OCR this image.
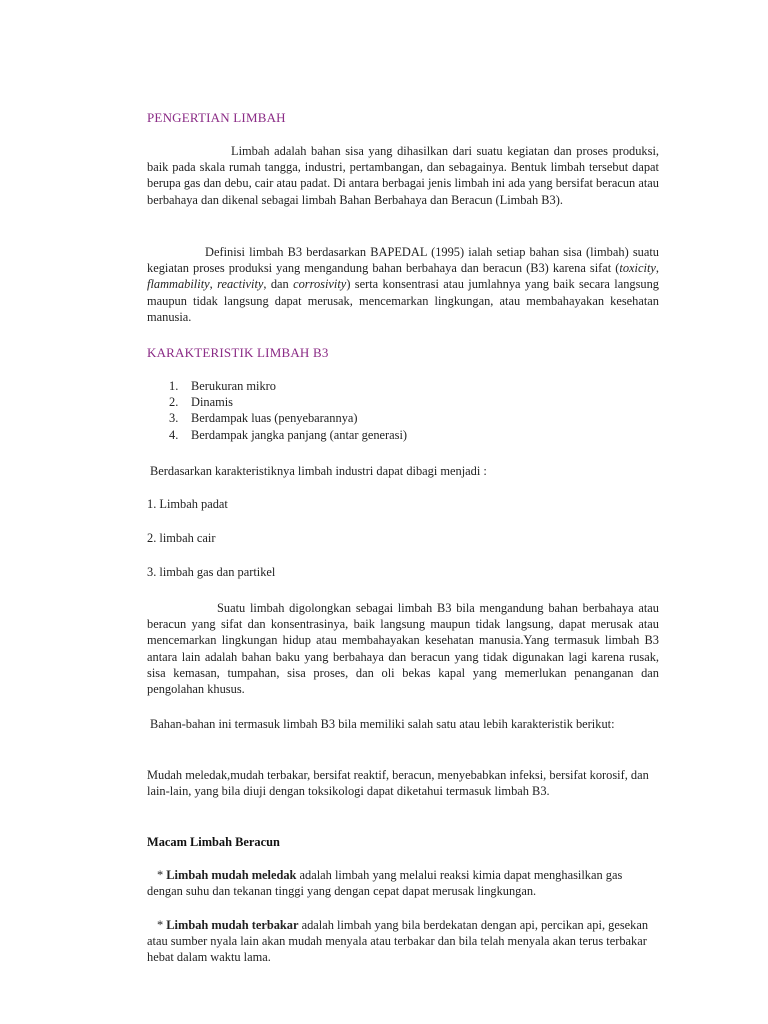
PENGERTIAN LIMBAH

Limbah adalah bahan sisa yang dihasilkan dari suatu kegiatan dan proses produksi, baik pada skala rumah tangga, industri, pertambangan, dan sebagainya. Bentuk limbah tersebut dapat berupa gas dan debu, cair atau padat. Di antara berbagai jenis limbah ini ada yang bersifat beracun atau berbahaya dan dikenal sebagai limbah Bahan Berbahaya dan Beracun (Limbah B3).

Definisi limbah B3 berdasarkan BAPEDAL (1995) ialah setiap bahan sisa (limbah) suatu kegiatan proses produksi yang mengandung bahan berbahaya dan beracun (B3) karena sifat (toxicity, flammability, reactivity, dan corrosivity) serta konsentrasi atau jumlahnya yang baik secara langsung maupun tidak langsung dapat merusak, mencemarkan lingkungan, atau membahayakan kesehatan manusia.

KARAKTERISTIK LIMBAH B3
1.	Berukuran mikro
2.	Dinamis
3.	Berdampak luas (penyebarannya)
4.	Berdampak jangka panjang (antar generasi)

Berdasarkan karakteristiknya limbah industri dapat dibagi menjadi :

1. Limbah padat
2. limbah cair
3. limbah gas dan partikel

Suatu limbah digolongkan sebagai limbah B3 bila mengandung bahan berbahaya atau beracun yang sifat dan konsentrasinya, baik langsung maupun tidak langsung, dapat merusak atau mencemarkan lingkungan hidup atau membahayakan kesehatan manusia.Yang termasuk limbah B3 antara lain adalah bahan baku yang berbahaya dan beracun yang tidak digunakan lagi karena rusak, sisa kemasan, tumpahan, sisa proses, dan oli bekas kapal yang memerlukan penanganan dan pengolahan khusus.

Bahan-bahan ini termasuk limbah B3 bila memiliki salah satu atau lebih karakteristik berikut:

Mudah meledak,mudah terbakar, bersifat reaktif, beracun, menyebabkan infeksi, bersifat korosif, dan lain-lain, yang bila diuji dengan toksikologi dapat diketahui termasuk limbah B3.

Macam Limbah Beracun

* Limbah mudah meledak adalah limbah yang melalui reaksi kimia dapat menghasilkan gas dengan suhu dan tekanan tinggi yang dengan cepat dapat merusak lingkungan.

* Limbah mudah terbakar adalah limbah yang bila berdekatan dengan api, percikan api, gesekan atau sumber nyala lain akan mudah menyala atau terbakar dan bila telah menyala akan terus terbakar hebat dalam waktu lama.
